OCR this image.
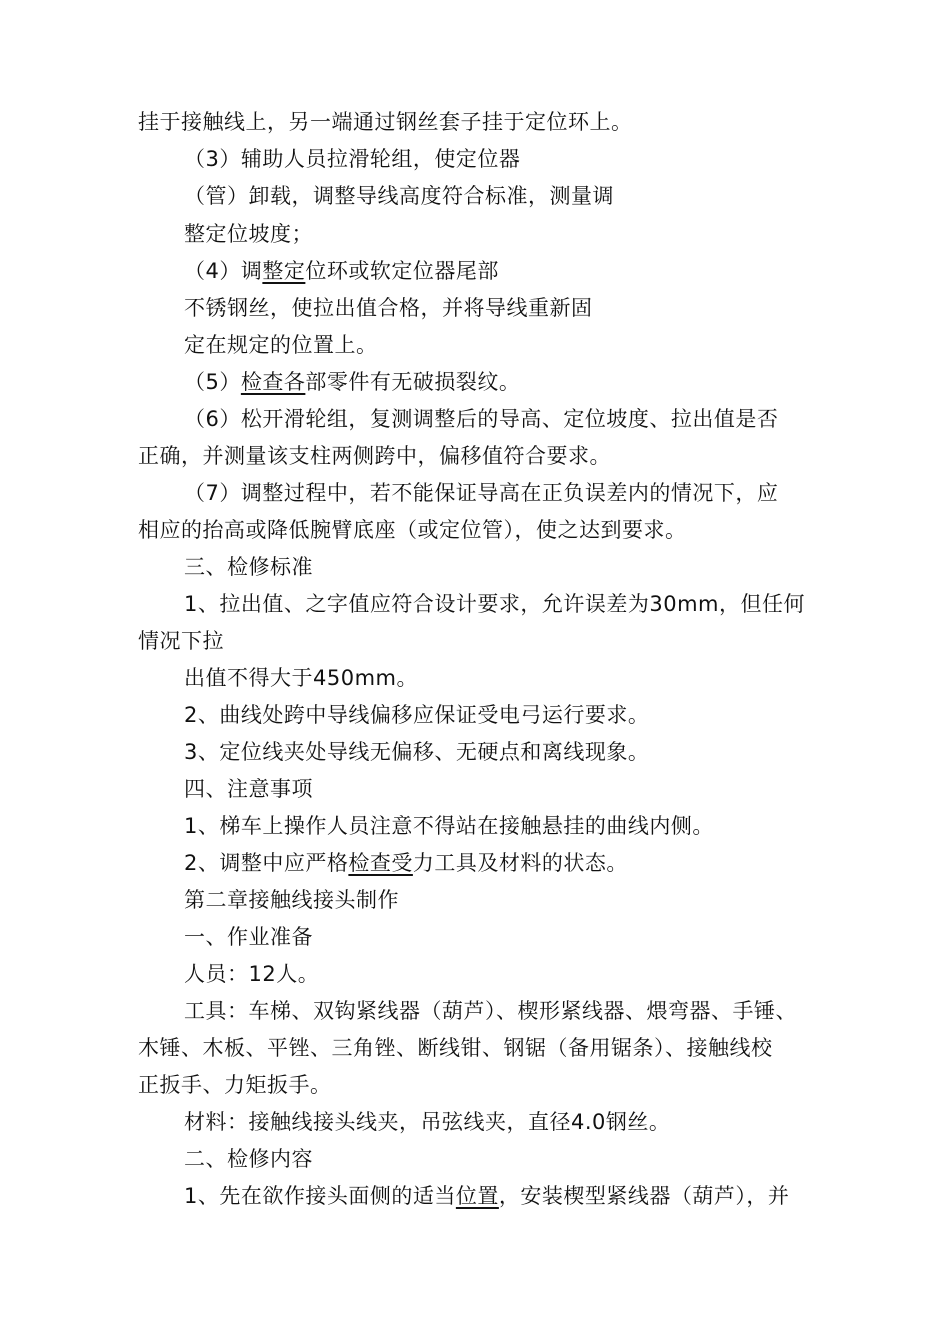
挂于接触线上，另一端通过钢丝套子挂于定位环上。
（3）辅助人员拉滑轮组，使定位器
（管）卸载，调整导线高度符合标准，测量调
整定位坡度；
（4）调整定位环或软定位器尾部
不锈钢丝，使拉出值合格，并将导线重新固
定在规定的位置上。
（5）检查各部零件有无破损裂纹。
（6）松开滑轮组，复测调整后的导高、定位坡度、拉出值是否
正确，并测量该支柱两侧跨中，偏移值符合要求。
（7）调整过程中，若不能保证导高在正负误差内的情况下，应
相应的抬高或降低腕臂底座（或定位管），使之达到要求。
三、检修标准
1、拉出值、之字值应符合设计要求，允许误差为30mm，但任何
情况下拉
出值不得大于450mm。
2、曲线处跨中导线偏移应保证受电弓运行要求。
3、定位线夹处导线无偏移、无硬点和离线现象。
四、注意事项
1、梯车上操作人员注意不得站在接触悬挂的曲线内侧。
2、调整中应严格检查受力工具及材料的状态。
第二章接触线接头制作
一、作业准备
人员：12人。
工具：车梯、双钩紧线器（葫芦）、楔形紧线器、煨弯器、手锤、
木锤、木板、平锉、三角锉、断线钳、钢锯（备用锯条）、接触线校
正扳手、力矩扳手。
材料：接触线接头线夹，吊弦线夹，直径4.0钢丝。
二、检修内容
1、先在欲作接头面侧的适当位置，安装楔型紧线器（葫芦），并
